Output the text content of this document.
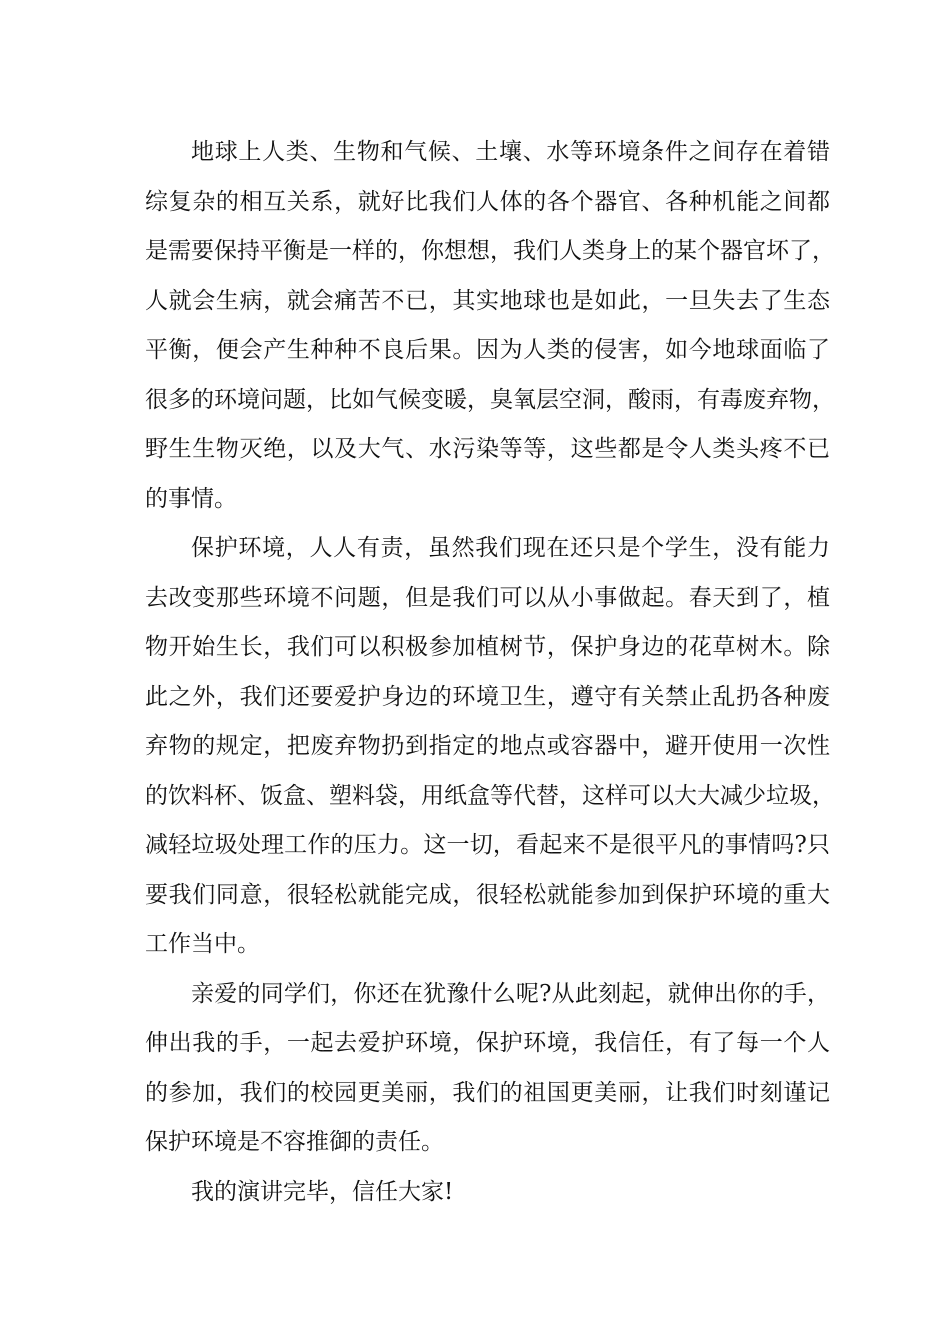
地球上人类、生物和气候、土壤、水等环境条件之间存在着错
综复杂的相互关系，就好比我们人体的各个器官、各种机能之间都
是需要保持平衡是一样的，你想想，我们人类身上的某个器官坏了，
人就会生病，就会痛苦不已，其实地球也是如此，一旦失去了生态
平衡，便会产生种种不良后果。因为人类的侵害，如今地球面临了
很多的环境问题，比如气候变暖，臭氧层空洞，酸雨，有毒废弃物，
野生生物灭绝，以及大气、水污染等等，这些都是令人类头疼不已
的事情。
保护环境，人人有责，虽然我们现在还只是个学生，没有能力
去改变那些环境不问题，但是我们可以从小事做起。春天到了，植
物开始生长，我们可以积极参加植树节，保护身边的花草树木。除
此之外，我们还要爱护身边的环境卫生，遵守有关禁止乱扔各种废
弃物的规定，把废弃物扔到指定的地点或容器中，避开使用一次性
的饮料杯、饭盒、塑料袋，用纸盒等代替，这样可以大大减少垃圾，
减轻垃圾处理工作的压力。这一切，看起来不是很平凡的事情吗?只
要我们同意，很轻松就能完成，很轻松就能参加到保护环境的重大
工作当中。
亲爱的同学们，你还在犹豫什么呢?从此刻起，就伸出你的手，
伸出我的手，一起去爱护环境，保护环境，我信任，有了每一个人
的参加，我们的校园更美丽，我们的祖国更美丽，让我们时刻谨记
保护环境是不容推御的责任。
我的演讲完毕，信任大家!
